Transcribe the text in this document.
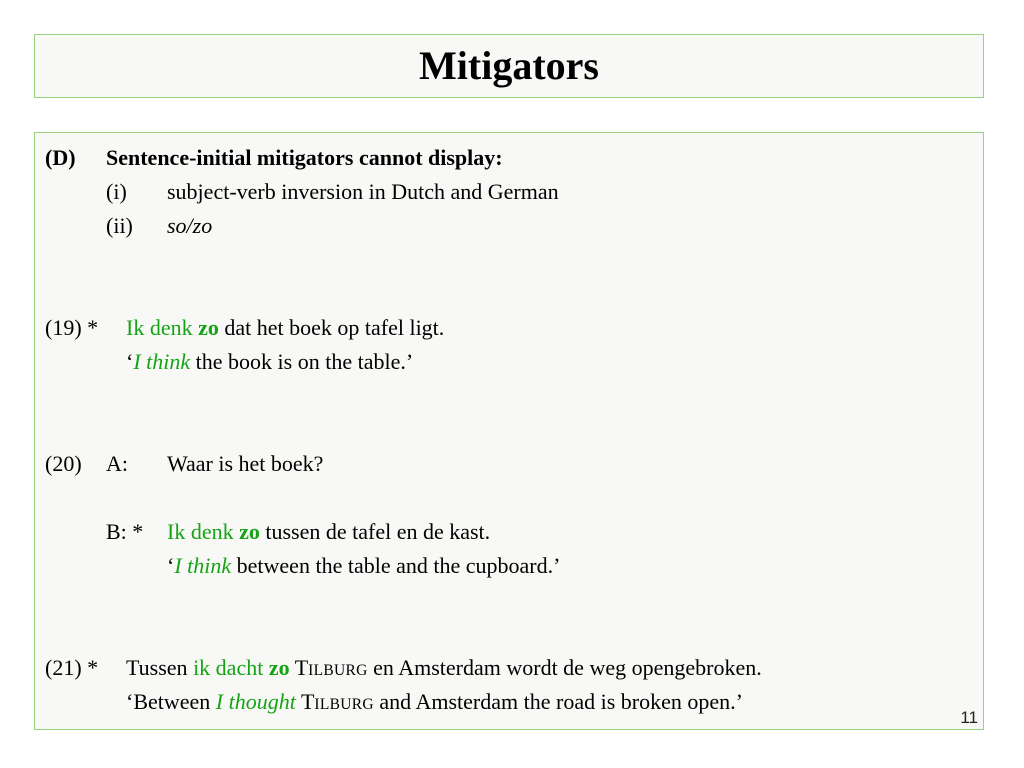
Mitigators
(D) Sentence-initial mitigators cannot display:
(i) subject-verb inversion in Dutch and German
(ii) so/zo
(19) * Ik denk zo dat het boek op tafel ligt.
‘I think the book is on the table.’
(20) A: Waar is het boek?
B: * Ik denk zo tussen de tafel en de kast.
‘I think between the table and the cupboard.’
(21) * Tussen ik dacht zo TILBURG en Amsterdam wordt de weg opengebroken.
‘Between I thought TILBURG and Amsterdam the road is broken open.’
11
